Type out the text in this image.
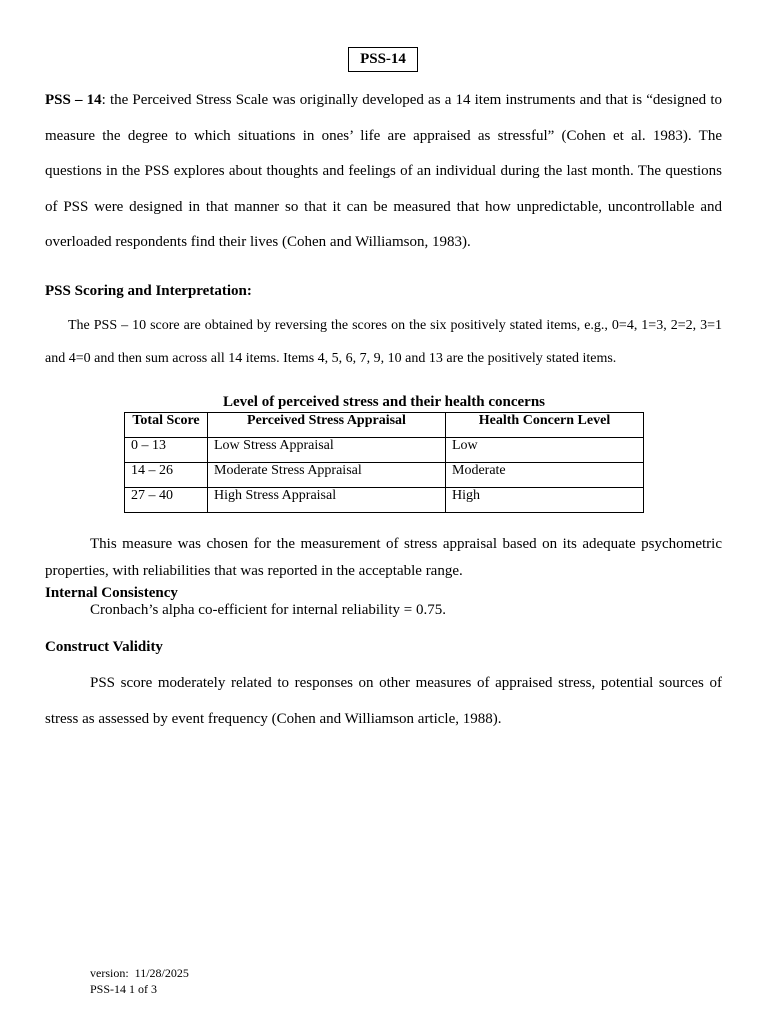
PSS-14

PSS – 14: the Perceived Stress Scale was originally developed as a 14 item instruments and that is “designed to measure the degree to which situations in ones’ life are appraised as stressful” (Cohen et al. 1983). The questions in the PSS explores about thoughts and feelings of an individual during the last month. The questions of PSS were designed in that manner so that it can be measured that how unpredictable, uncontrollable and overloaded respondents find their lives (Cohen and Williamson, 1983).

PSS Scoring and Interpretation:

The PSS – 10 score are obtained by reversing the scores on the six positively stated items, e.g., 0=4, 1=3, 2=2, 3=1 and 4=0 and then sum across all 14 items. Items 4, 5, 6, 7, 9, 10 and 13 are the positively stated items.

Level of perceived stress and their health concerns
Total Score	Perceived Stress Appraisal	Health Concern Level
0 – 13	Low Stress Appraisal	Low
14 – 26	Moderate Stress Appraisal	Moderate
27 – 40	High Stress Appraisal	High

This measure was chosen for the measurement of stress appraisal based on its adequate psychometric properties, with reliabilities that was reported in the acceptable range.

Internal Consistency
Cronbach’s alpha co-efficient for internal reliability = 0.75.
Construct Validity

PSS score moderately related to responses on other measures of appraised stress, potential sources of stress as assessed by event frequency (Cohen and Williamson article, 1988).

version:  11/28/2025
PSS-14 1 of 3
